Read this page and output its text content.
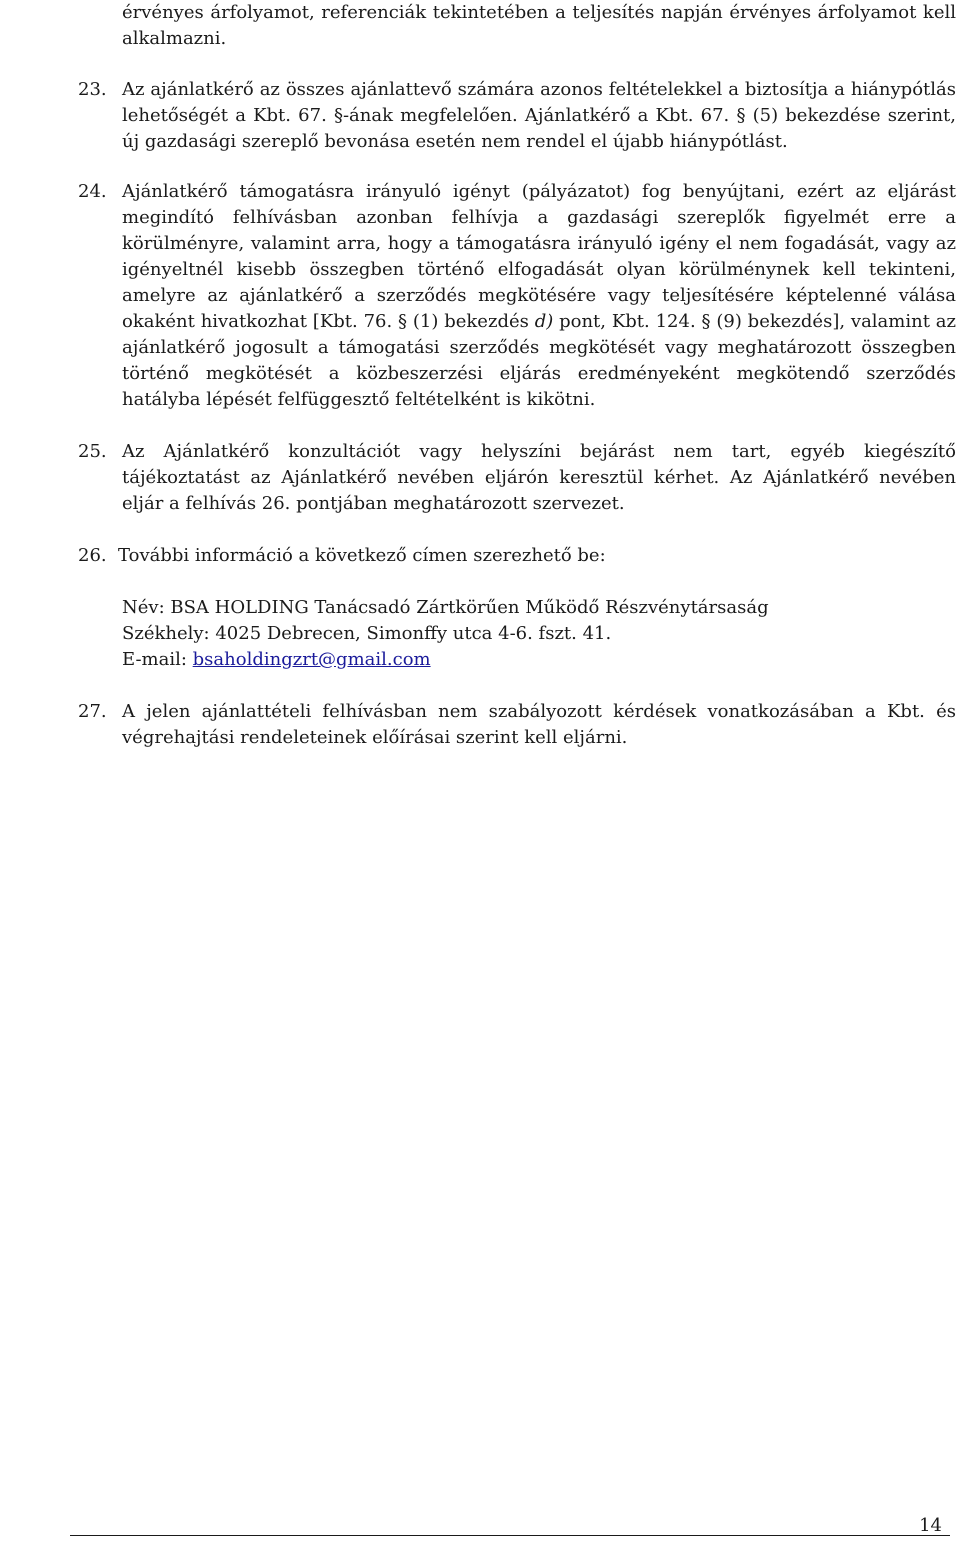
érvényes árfolyamot, referenciák tekintetében a teljesítés napján érvényes árfolyamot kell alkalmazni.
23. Az ajánlatkérő az összes ajánlattevő számára azonos feltételekkel a biztosítja a hiánypótlás lehetőségét a Kbt. 67. §-ának megfelelően. Ajánlatkérő a Kbt. 67. § (5) bekezdése szerint, új gazdasági szereplő bevonása esetén nem rendel el újabb hiánypótlást.
24. Ajánlatkérő támogatásra irányuló igényt (pályázatot) fog benyújtani, ezért az eljárást megindító felhívásban azonban felhívja a gazdasági szereplők figyelmét erre a körülményre, valamint arra, hogy a támogatásra irányuló igény el nem fogadását, vagy az igényeltnél kisebb összegben történő elfogadását olyan körülménynek kell tekinteni, amelyre az ajánlatkérő a szerződés megkötésére vagy teljesítésére képtelenné válása okaként hivatkozhat [Kbt. 76. § (1) bekezdés d) pont, Kbt. 124. § (9) bekezdés], valamint az ajánlatkérő jogosult a támogatási szerződés megkötését vagy meghatározott összegben történő megkötését a közbeszerzési eljárás eredményeként megkötendő szerződés hatályba lépését felfüggesztő feltételként is kikötni.
25. Az Ajánlatkérő konzultációt vagy helyszíni bejárást nem tart, egyéb kiegészítő tájékoztatást az Ajánlatkérő nevében eljárón keresztül kérhet. Az Ajánlatkérő nevében eljár a felhívás 26. pontjában meghatározott szervezet.
26. További információ a következő címen szerezhető be:
Név: BSA HOLDING Tanácsadó Zártkörűen Működő Részvénytársaság
Székhely: 4025 Debrecen, Simonffy utca 4-6. fszt. 41.
E-mail: bsaholdingzrt@gmail.com
27. A jelen ajánlattételi felhívásban nem szabályozott kérdések vonatkozásában a Kbt. és végrehajtási rendeleteinek előírásai szerint kell eljárni.
14
